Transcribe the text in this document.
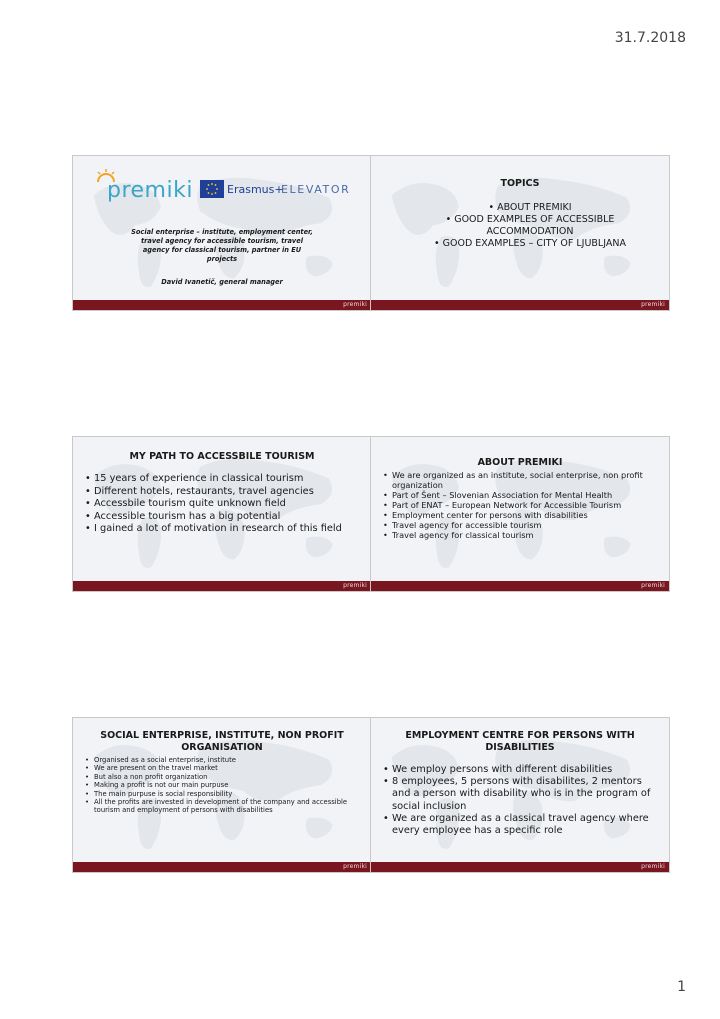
31.7.2018
premiki	Erasmus+
ELEVATOR
Social enterprise – institute, employment center, travel agency for accessible tourism, travel agency for classical tourism, partner in EU projects
David Ivanetič, general manager
premiki
TOPICS
• ABOUT PREMIKI
• GOOD EXAMPLES OF ACCESSIBLE ACCOMMODATION
• GOOD EXAMPLES – CITY OF LJUBLJANA
premiki
MY PATH TO ACCESSBILE TOURISM
• 15 years of experience in classical tourism
• Different hotels, restaurants, travel agencies
• Accessbile tourism quite unknown field
• Accessible tourism has a big potential
• I gained a lot of motivation in research of this field
premiki
ABOUT PREMIKI
• We are organized as an institute, social enterprise, non profit organization
• Part of Šent – Slovenian Association for Mental Health
• Part of ENAT – European Network for Accessible Tourism
• Employment center for persons with disabilities
• Travel agency for accessible tourism
• Travel agency for classical tourism
premiki
SOCIAL ENTERPRISE, INSTITUTE, NON PROFIT ORGANISATION
• Organised as a social enterprise, institute
• We are present on the travel market
• But also a non profit organization
• Making a profit is not our main purpuse
• The main purpuse is social responsibility
• All the profits are invested in development of the company and accessible tourism and employment of persons with disabilities
premiki
EMPLOYMENT CENTRE FOR PERSONS WITH DISABILITIES
• We employ persons with different disabilities
• 8 employees, 5 persons with disabilites, 2 mentors and a person with disability who is in the program of social inclusion
• We are organized as a classical travel agency where every employee has a specific role
premiki
1
